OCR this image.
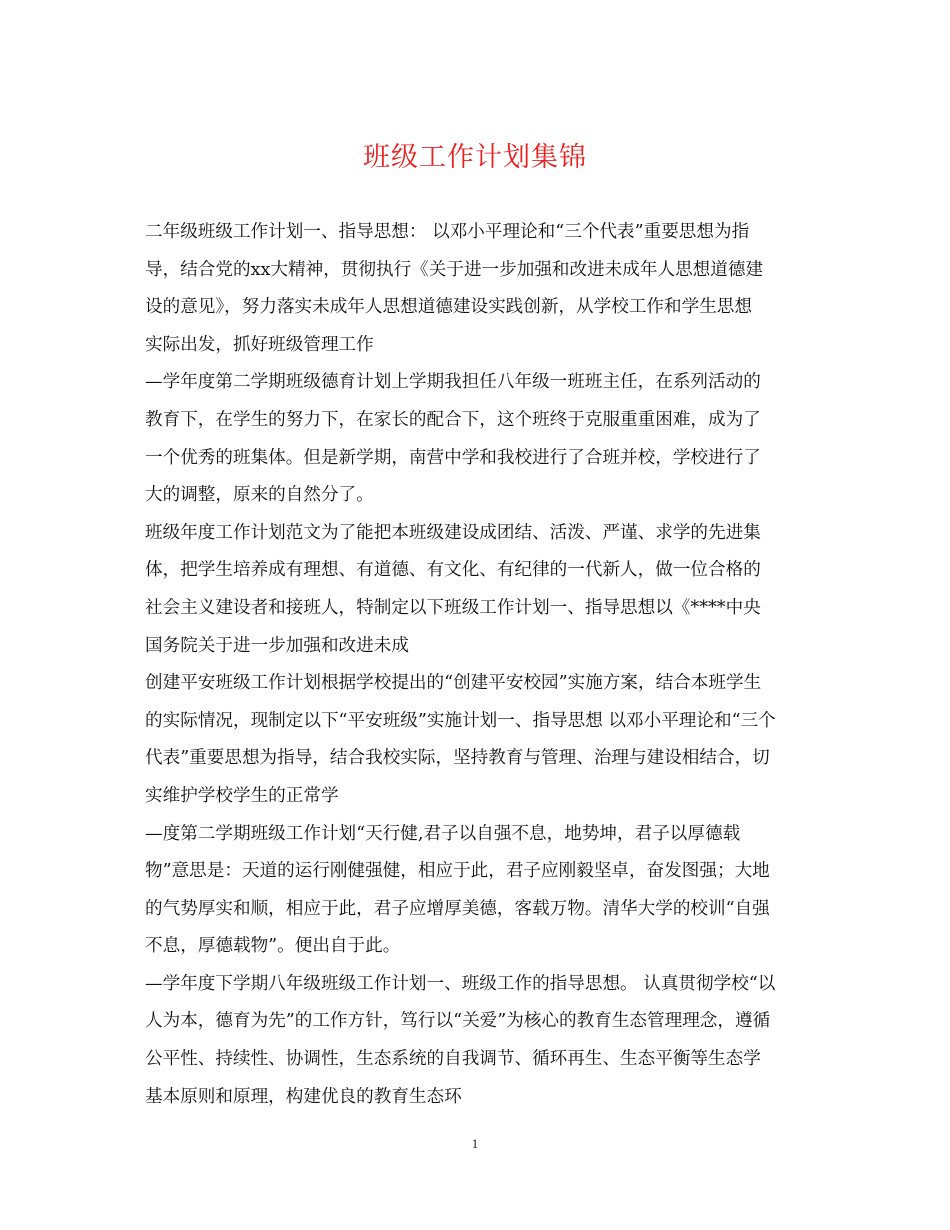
班级工作计划集锦

二年级班级工作计划一、指导思想： 以邓小平理论和“三个代表”重要思想为指
导，结合党的xx大精神，贯彻执行《关于进一步加强和改进未成年人思想道德建
设的意见》，努力落实未成年人思想道德建设实践创新，从学校工作和学生思想
实际出发，抓好班级管理工作

—学年度第二学期班级德育计划上学期我担任八年级一班班主任，在系列活动的
教育下，在学生的努力下，在家长的配合下，这个班终于克服重重困难，成为了
一个优秀的班集体。但是新学期，南营中学和我校进行了合班并校，学校进行了
大的调整，原来的自然分了。

班级年度工作计划范文为了能把本班级建设成团结、活泼、严谨、求学的先进集
体，把学生培养成有理想、有道德、有文化、有纪律的一代新人，做一位合格的
社会主义建设者和接班人，特制定以下班级工作计划一、指导思想以《****中央
国务院关于进一步加强和改进未成

创建平安班级工作计划根据学校提出的“创建平安校园”实施方案，结合本班学生
的实际情况，现制定以下“平安班级”实施计划一、指导思想 以邓小平理论和“三个
代表”重要思想为指导，结合我校实际，坚持教育与管理、治理与建设相结合，切
实维护学校学生的正常学

—度第二学期班级工作计划“天行健,君子以自强不息，地势坤，君子以厚德载
物”意思是：天道的运行刚健强健，相应于此，君子应刚毅坚卓，奋发图强；大地
的气势厚实和顺，相应于此，君子应增厚美德，客载万物。清华大学的校训“自强
不息，厚德载物”。便出自于此。

—学年度下学期八年级班级工作计划一、班级工作的指导思想。 认真贯彻学校“以
人为本，德育为先”的工作方针，笃行以“关爱”为核心的教育生态管理理念，遵循
公平性、持续性、协调性，生态系统的自我调节、循环再生、生态平衡等生态学
基本原则和原理，构建优良的教育生态环

1
